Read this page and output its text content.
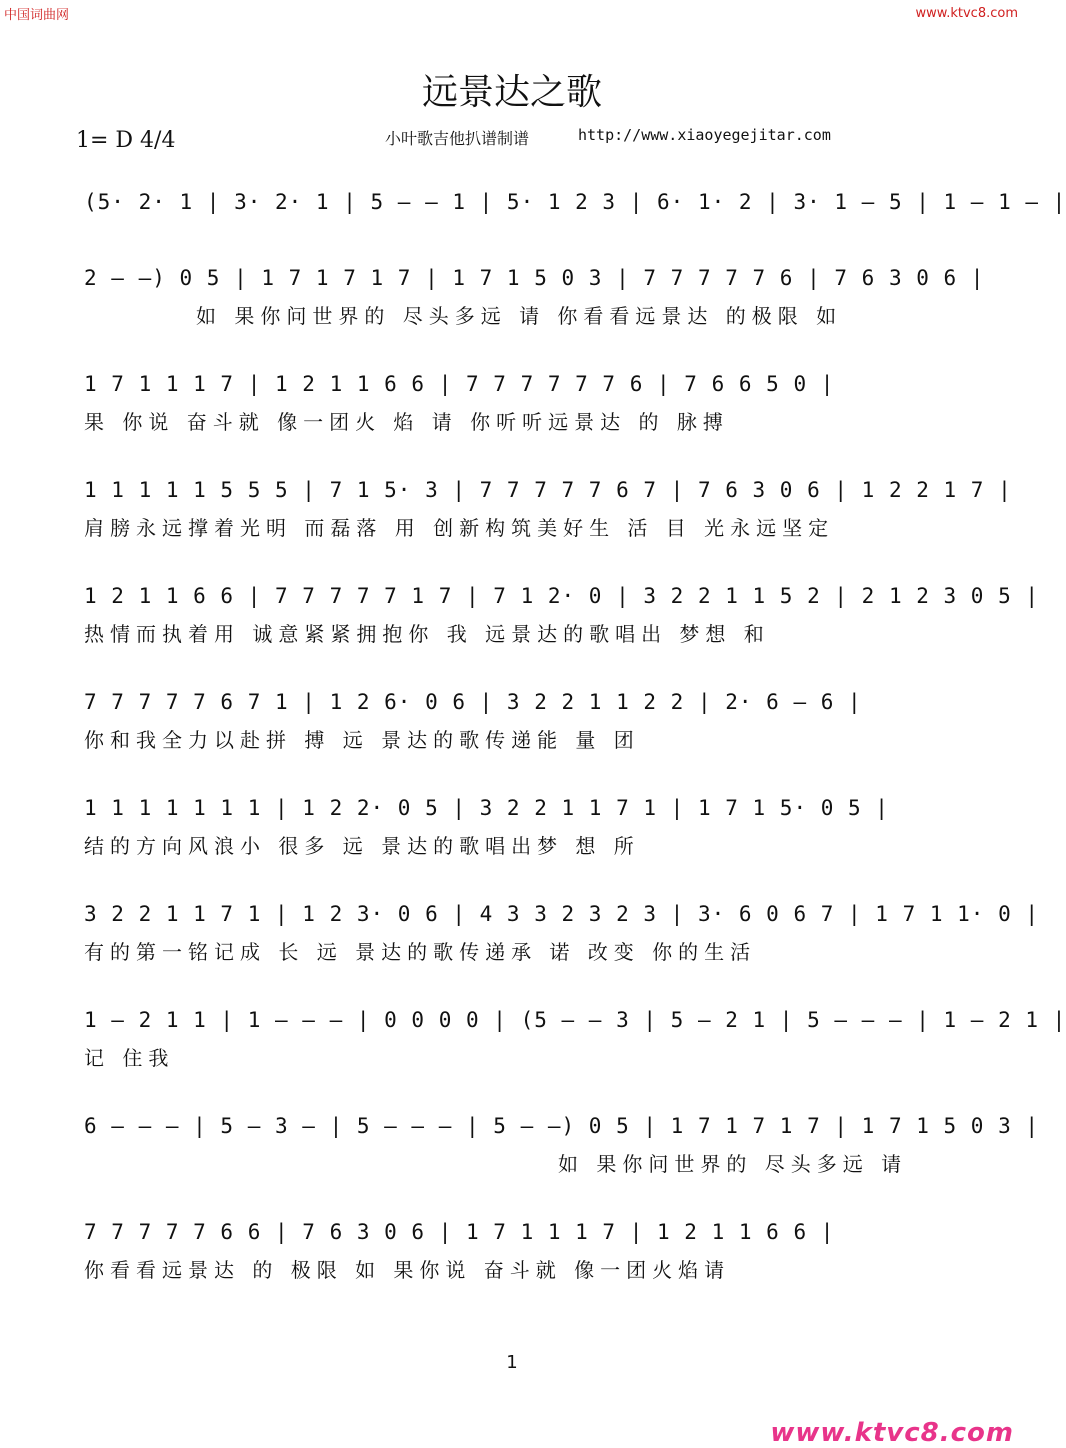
中国词曲网	www.ktvc8.com
远景达之歌
1= D 4/4	小叶歌吉他扒谱制谱	http://www.xiaoyegejitar.com
(5· 2· 1 | 3· 2· 1 | 5 — — 1 | 5· 1 2 3 | 6· 1· 2 | 3· 1 — 5 | 1 — 1 — |
2 — —) 0 5 | 1 7 1 7 1 7 | 1 7 1 5 0 3 | 7 7 7 7 7 6 | 7 6 3 0 6 |
如 果你问世界的 尽头多远 请 你看看远景达 的极限 如
1 7 1 1 1 7 | 1 2 1 1 6 6 | 7 7 7 7 7 7 6 | 7 6 6 5 0 |
果 你说 奋斗就 像一团火 焰 请 你听听远景达 的 脉搏
1 1 1 1 1 5 5 5 | 7 1 5· 3 | 7 7 7 7 7 6 7 | 7 6 3 0 6 | 1 2 2 1 7 |
肩膀永远撑着光明 而磊落 用 创新构筑美好生 活 目 光永远坚定
1 2 1 1 6 6 | 7 7 7 7 7 1 7 | 7 1 2· 0 | 3 2 2 1 1 5 2 | 2 1 2 3 0 5 |
热情而执着用 诚意紧紧拥抱你 我 远景达的歌唱出 梦想 和
7 7 7 7 7 6 7 1 | 1 2 6· 0 6 | 3 2 2 1 1 2 2 | 2· 6 — 6 |
你和我全力以赴拼 搏 远 景达的歌传递能 量 团
1 1 1 1 1 1 1 | 1 2 2· 0 5 | 3 2 2 1 1 7 1 | 1 7 1 5· 0 5 |
结的方向风浪小 很多 远 景达的歌唱出梦 想 所
3 2 2 1 1 7 1 | 1 2 3· 0 6 | 4 3 3 2 3 2 3 | 3· 6 0 6 7 | 1 7 1 1· 0 |
有的第一铭记成 长 远 景达的歌传递承 诺 改变 你的生活
1 — 2 1 1 | 1 — — — | 0 0 0 0 | (5 — — 3 | 5 — 2 1 | 5 — — — | 1 — 2 1 |
记 住我
6 — — — | 5 — 3 — | 5 — — — | 5 — —) 0 5 | 1 7 1 7 1 7 | 1 7 1 5 0 3 |
如 果你问世界的 尽头多远 请
7 7 7 7 7 6 6 | 7 6 3 0 6 | 1 7 1 1 1 7 | 1 2 1 1 6 6 |
你看看远景达 的 极限 如 果你说 奋斗就 像一团火焰请
1
www.ktvc8.com
